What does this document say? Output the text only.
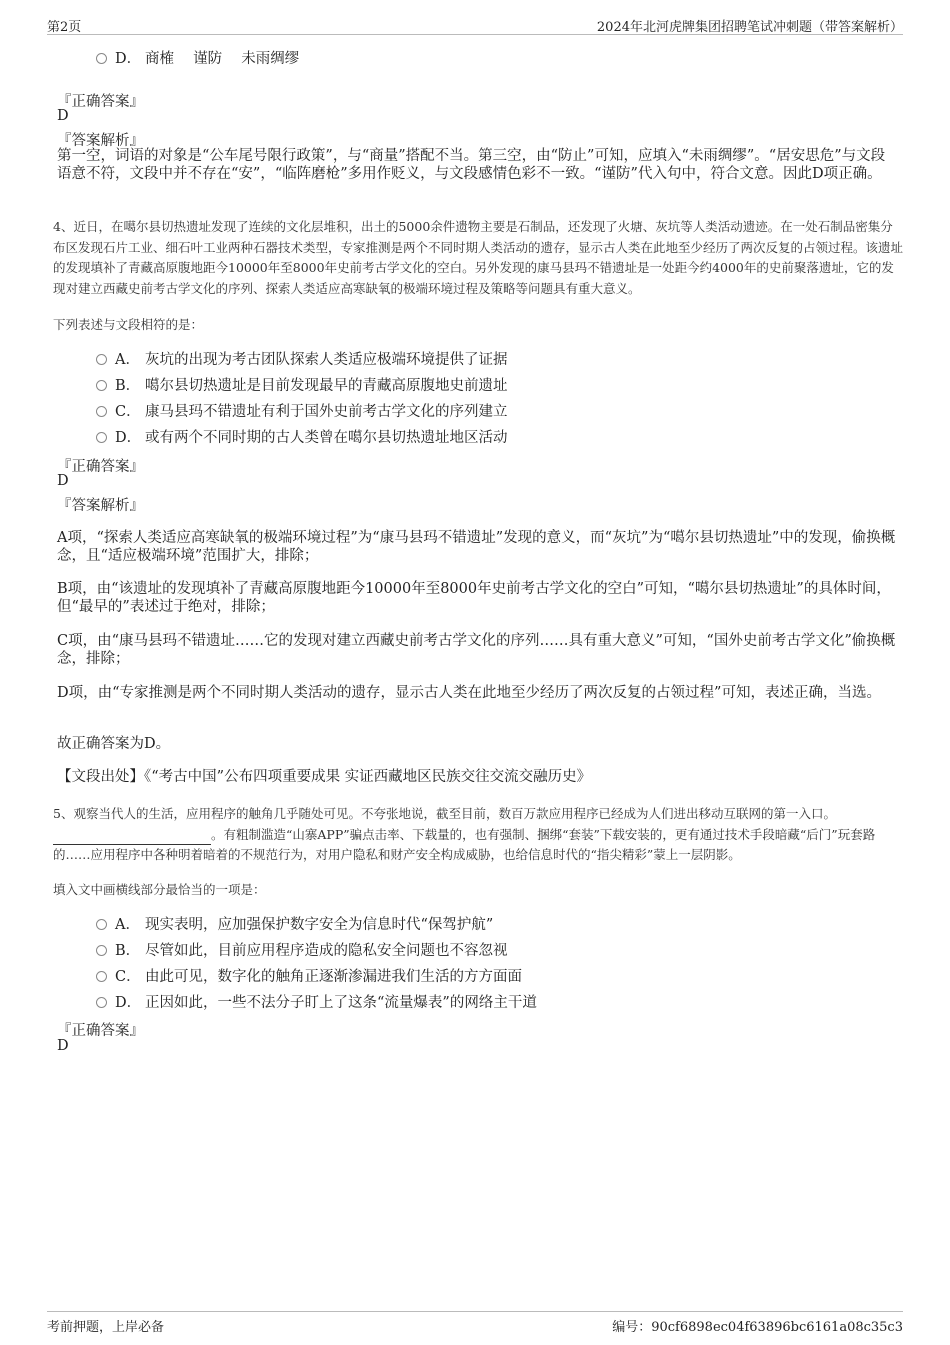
第2页	2024年北河虎牌集团招聘笔试冲刺题（带答案解析）
D． 商榷　 谨防　 未雨绸缪
『正确答案』
D
『答案解析』
第一空，词语的对象是“公车尾号限行政策”，与“商量”搭配不当。第三空，由“防止”可知，应填入“未雨绸缪”。“居安思危”与文段语意不符，文段中并不存在“安”，“临阵磨枪”多用作贬义，与文段感情色彩不一致。“谨防”代入句中，符合文意。因此D项正确。
4、近日，在噶尔县切热遗址发现了连续的文化层堆积，出土的5000余件遗物主要是石制品，还发现了火塘、灰坑等人类活动遗迹。在一处石制品密集分布区发现石片工业、细石叶工业两种石器技术类型，专家推测是两个不同时期人类活动的遗存，显示古人类在此地至少经历了两次反复的占领过程。该遗址的发现填补了青藏高原腹地距今10000年至8000年史前考古学文化的空白。另外发现的康马县玛不错遗址是一处距今约4000年的史前聚落遗址，它的发现对建立西藏史前考古学文化的序列、探索人类适应高寒缺氧的极端环境过程及策略等问题具有重大意义。
下列表述与文段相符的是：
A． 灰坑的出现为考古团队探索人类适应极端环境提供了证据
B． 噶尔县切热遗址是目前发现最早的青藏高原腹地史前遗址
C． 康马县玛不错遗址有利于国外史前考古学文化的序列建立
D． 或有两个不同时期的古人类曾在噶尔县切热遗址地区活动
『正确答案』
D
『答案解析』
A项，“探索人类适应高寒缺氧的极端环境过程”为“康马县玛不错遗址”发现的意义，而“灰坑”为“噶尔县切热遗址”中的发现，偷换概念，且“适应极端环境”范围扩大，排除；
B项，由“该遗址的发现填补了青藏高原腹地距今10000年至8000年史前考古学文化的空白”可知，“噶尔县切热遗址”的具体时间，但“最早的”表述过于绝对，排除；
C项，由“康马县玛不错遗址……它的发现对建立西藏史前考古学文化的序列……具有重大意义”可知，“国外史前考古学文化”偷换概念，排除；
D项，由“专家推测是两个不同时期人类活动的遗存，显示古人类在此地至少经历了两次反复的占领过程”可知，表述正确，当选。
故正确答案为D。
【文段出处】《“考古中国”公布四项重要成果 实证西藏地区民族交往交流交融历史》
5、观察当代人的生活，应用程序的触角几乎随处可见。不夸张地说，截至目前，数百万款应用程序已经成为人们进出移动互联网的第一入口。。有粗制滥造“山寨APP”骗点击率、下载量的，也有强制、捆绑“套装”下载安装的，更有通过技术手段暗藏“后门”玩套路的……应用程序中各种明着暗着的不规范行为，对用户隐私和财产安全构成威胁，也给信息时代的“指尖精彩”蒙上一层阴影。
填入文中画横线部分最恰当的一项是：
A． 现实表明，应加强保护数字安全为信息时代“保驾护航”
B． 尽管如此，目前应用程序造成的隐私安全问题也不容忽视
C． 由此可见，数字化的触角正逐渐渗漏进我们生活的方方面面
D． 正因如此，一些不法分子盯上了这条“流量爆表”的网络主干道
『正确答案』
D
考前押题，上岸必备	编号：90cf6898ec04f63896bc6161a08c35c3
